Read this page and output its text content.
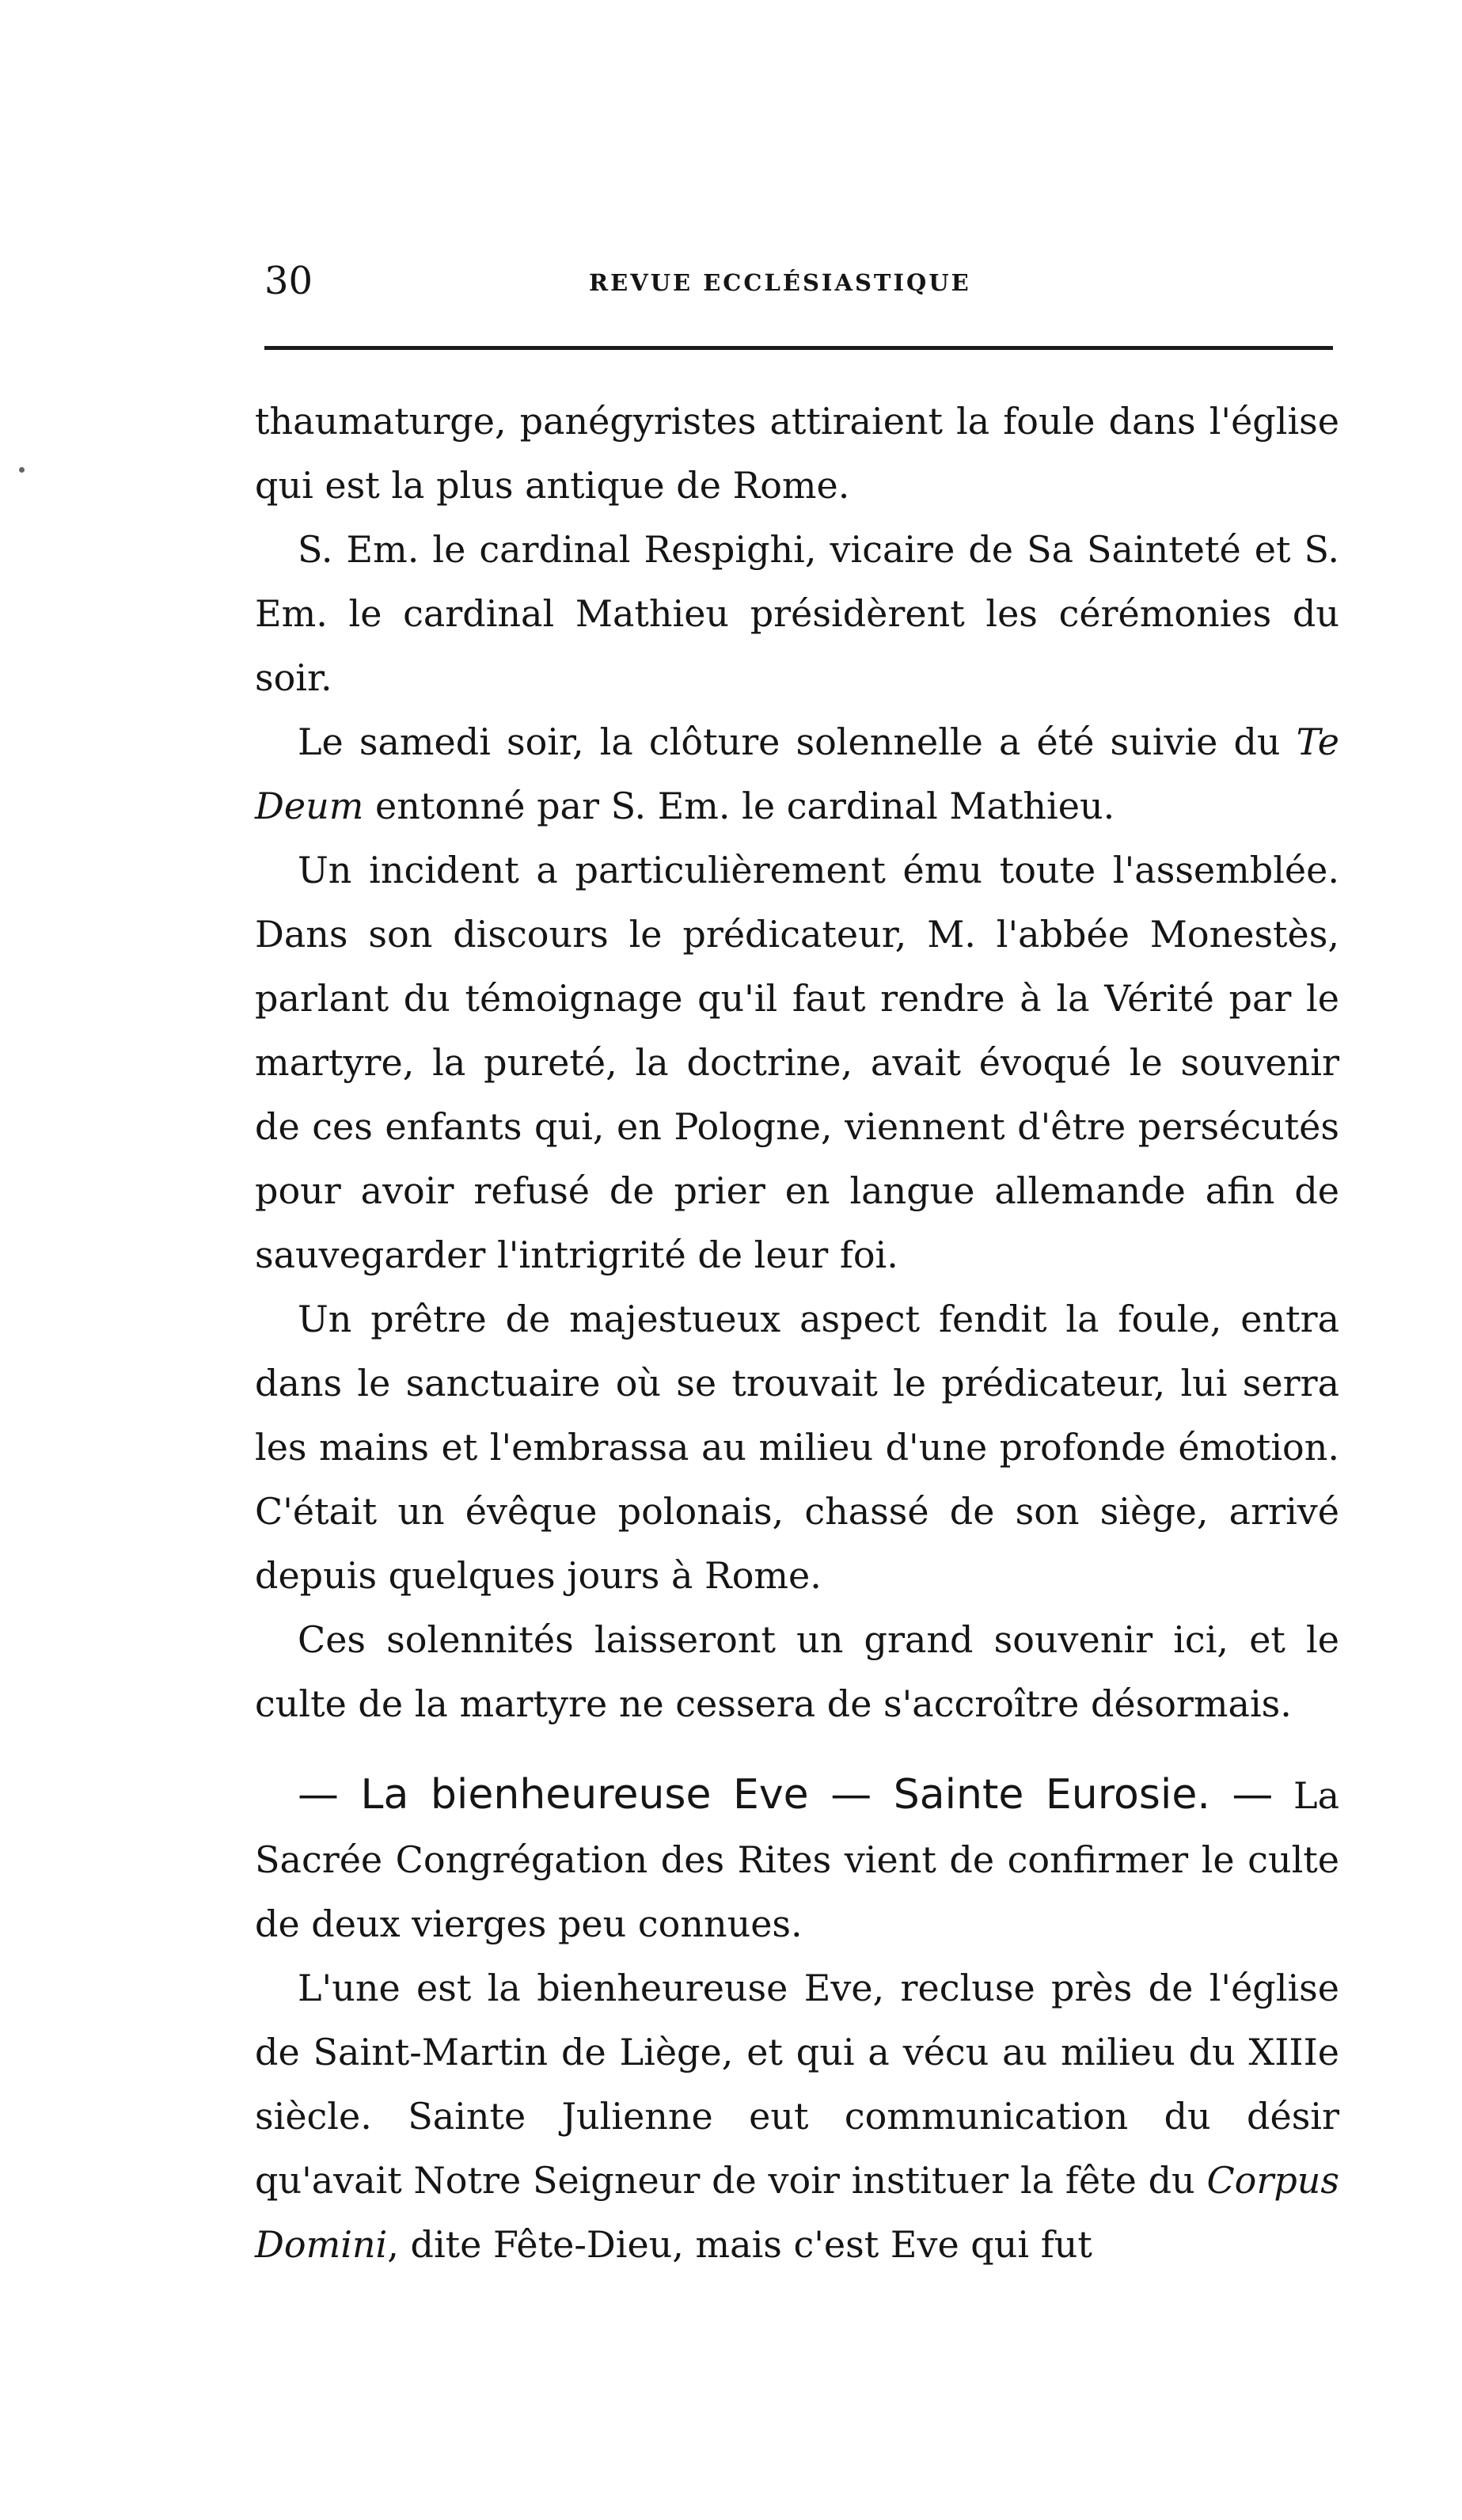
30	REVUE ECCLÉSIASTIQUE

thaumaturge, panégyristes attiraient la foule dans l'église qui est la plus antique de Rome.

S. Em. le cardinal Respighi, vicaire de Sa Sainteté et S. Em. le cardinal Mathieu présidèrent les cérémonies du soir.

Le samedi soir, la clôture solennelle a été suivie du Te Deum entonné par S. Em. le cardinal Mathieu.

Un incident a particulièrement ému toute l'assemblée. Dans son discours le prédicateur, M. l'abbée Monestès, parlant du témoignage qu'il faut rendre à la Vérité par le martyre, la pureté, la doctrine, avait évoqué le souvenir de ces enfants qui, en Pologne, viennent d'être persécutés pour avoir refusé de prier en langue allemande afin de sauvegarder l'intrigrité de leur foi.

Un prêtre de majestueux aspect fendit la foule, entra dans le sanctuaire où se trouvait le prédicateur, lui serra les mains et l'embrassa au milieu d'une profonde émotion. C'était un évêque polonais, chassé de son siège, arrivé depuis quelques jours à Rome.

Ces solennités laisseront un grand souvenir ici, et le culte de la martyre ne cessera de s'accroître désormais.

— La bienheureuse Eve — Sainte Eurosie. — La Sacrée Congrégation des Rites vient de confirmer le culte de deux vierges peu connues.

L'une est la bienheureuse Eve, recluse près de l'église de Saint-Martin de Liège, et qui a vécu au milieu du XIIIe siècle. Sainte Julienne eut communication du désir qu'avait Notre Seigneur de voir instituer la fête du Corpus Domini, dite Fête-Dieu, mais c'est Eve qui fut
